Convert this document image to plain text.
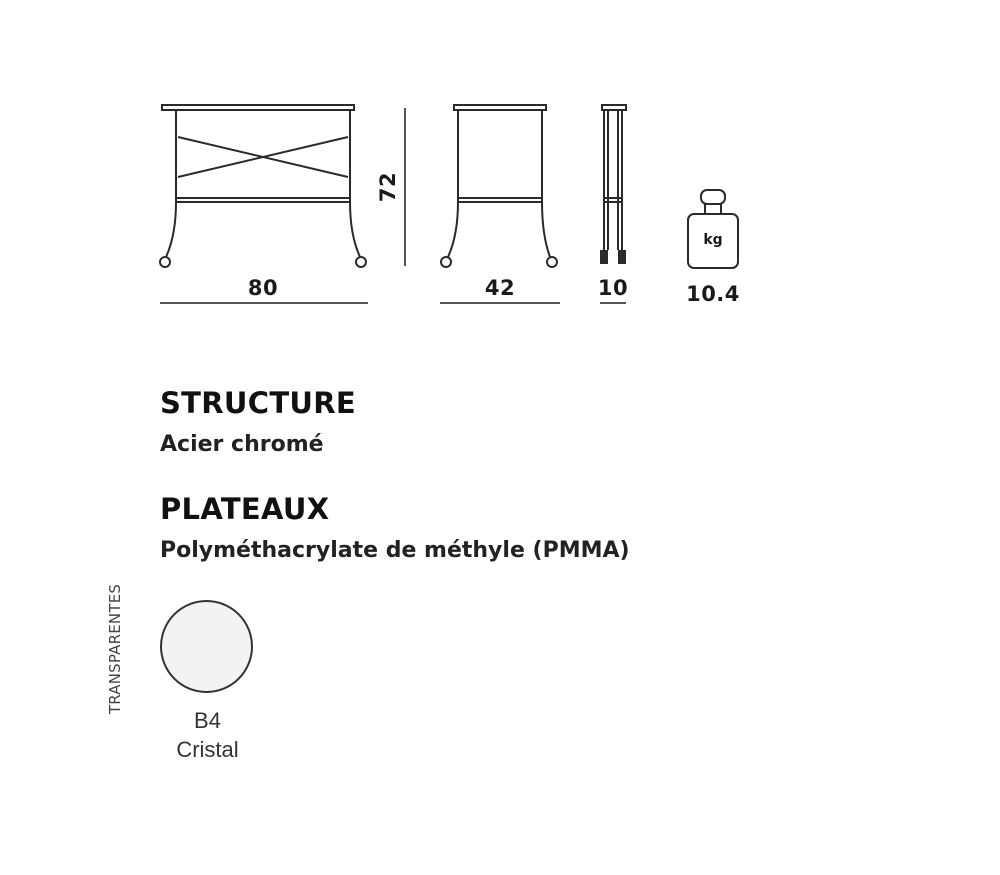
72
80	42	10
kg
10.4
STRUCTURE
Acier chromé
PLATEAUX
Polyméthacrylate de méthyle (PMMA)
TRANSPARENTES
B4
Cristal
